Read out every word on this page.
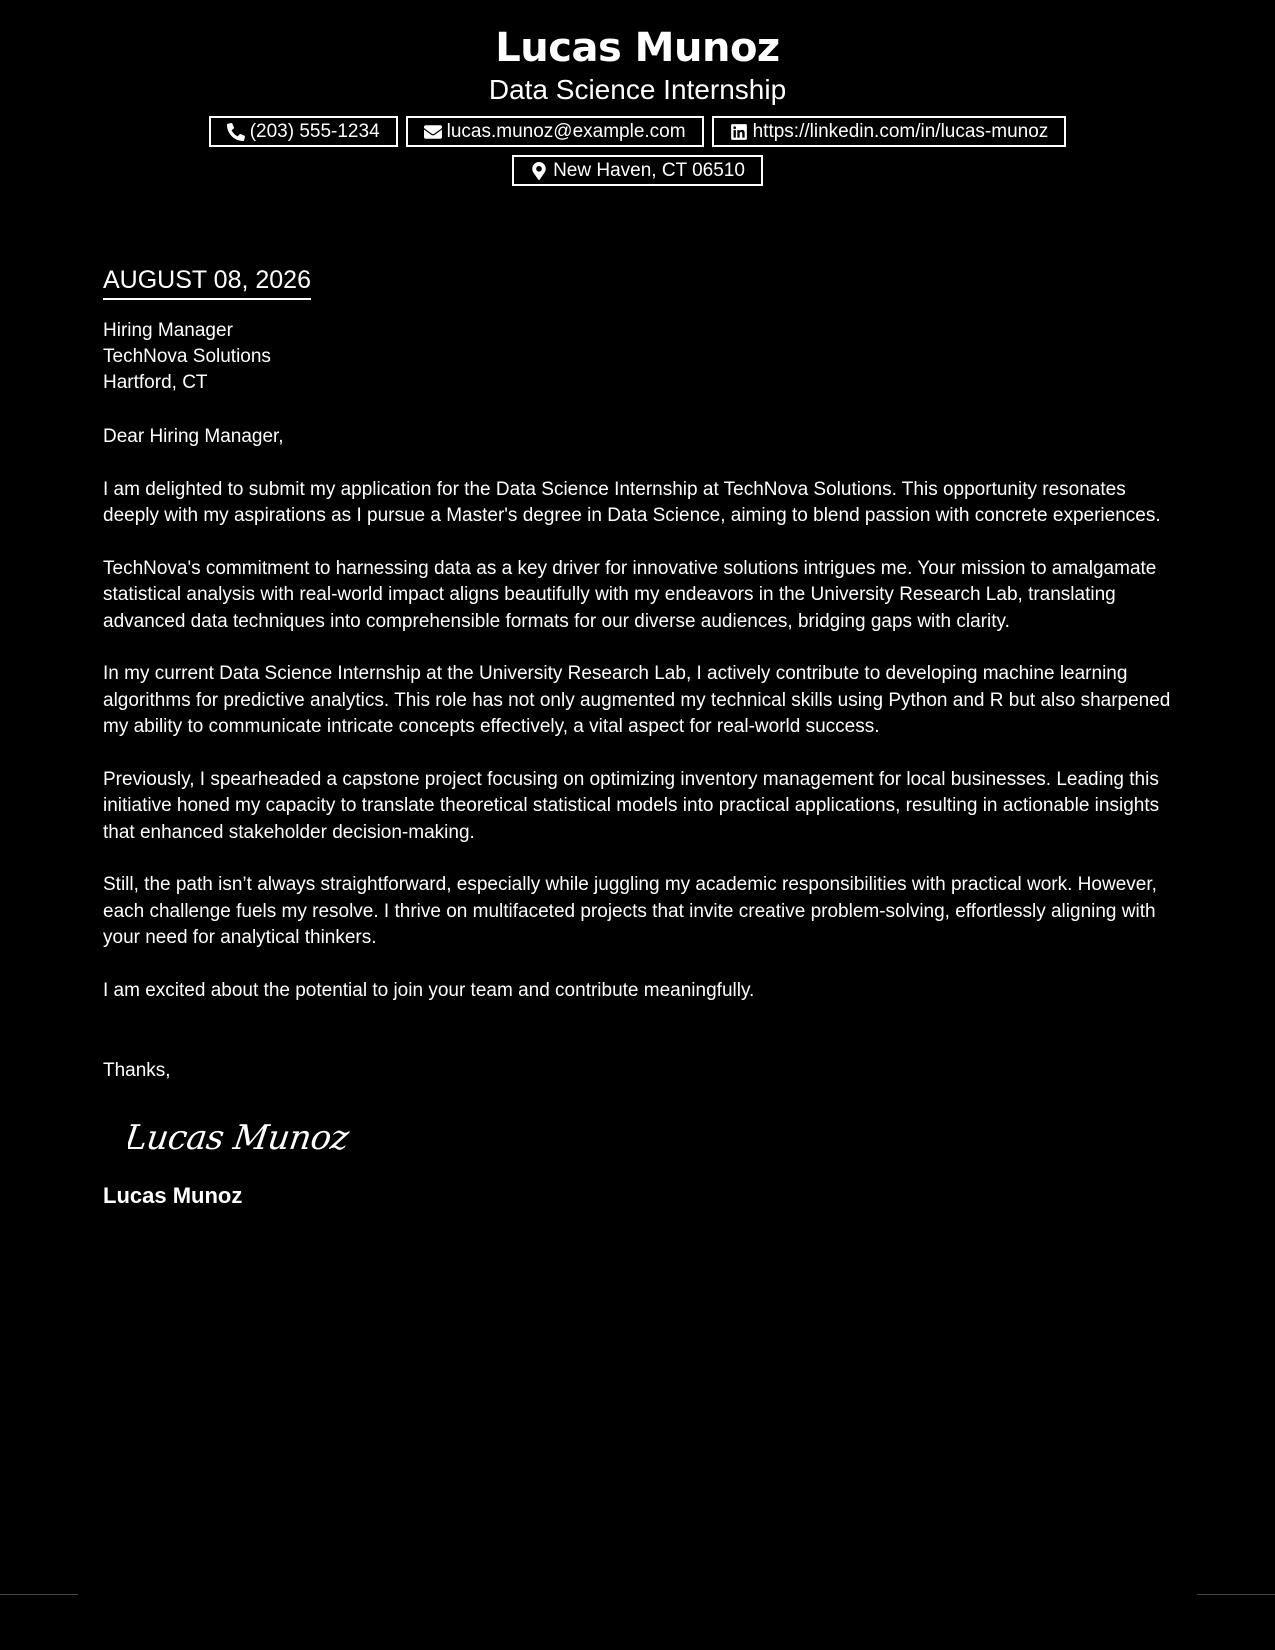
Lucas Munoz
Data Science Internship
(203) 555-1234	lucas.munoz@example.com	https://linkedin.com/in/lucas-munoz
New Haven, CT 06510
AUGUST 08, 2026
Hiring Manager
TechNova Solutions
Hartford, CT
Dear Hiring Manager,
I am delighted to submit my application for the Data Science Internship at TechNova Solutions. This opportunity resonates deeply with my aspirations as I pursue a Master's degree in Data Science, aiming to blend passion with concrete experiences.
TechNova's commitment to harnessing data as a key driver for innovative solutions intrigues me. Your mission to amalgamate statistical analysis with real-world impact aligns beautifully with my endeavors in the University Research Lab, translating advanced data techniques into comprehensible formats for our diverse audiences, bridging gaps with clarity.
In my current Data Science Internship at the University Research Lab, I actively contribute to developing machine learning algorithms for predictive analytics. This role has not only augmented my technical skills using Python and R but also sharpened my ability to communicate intricate concepts effectively, a vital aspect for real-world success.
Previously, I spearheaded a capstone project focusing on optimizing inventory management for local businesses. Leading this initiative honed my capacity to translate theoretical statistical models into practical applications, resulting in actionable insights that enhanced stakeholder decision-making.
Still, the path isn’t always straightforward, especially while juggling my academic responsibilities with practical work. However, each challenge fuels my resolve. I thrive on multifaceted projects that invite creative problem-solving, effortlessly aligning with your need for analytical thinkers.
I am excited about the potential to join your team and contribute meaningfully.
Thanks,
Lucas Munoz
Lucas Munoz
